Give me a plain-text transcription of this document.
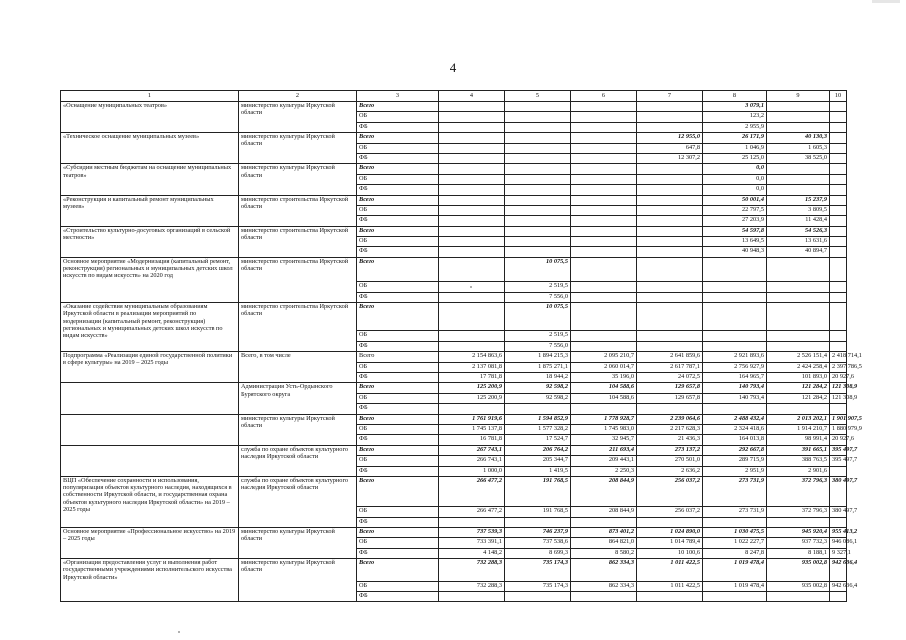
4
1	2	3	4	5	6	7	8	9	10
«Оснащение муниципальных театров»	министерство культуры Иркутской области	Всего					3 079,1		
		ОБ					123,2		
		ФБ					2 955,9		
«Техническое оснащение муниципальных музеев»	министерство культуры Иркутской области	Всего				12 955,0	26 171,9	40 130,3	
		ОБ				647,8	1 046,9	1 605,3	
		ФБ				12 307,2	25 125,0	38 525,0	
«Субсидии местным бюджетам на оснащение муниципальных театров»	министерство культуры Иркутской области	Всего					0,0		
		ОБ					0,0		
		ФБ					0,0		
«Реконструкция и капитальный ремонт муниципальных музеев»	министерство строительства Иркутской области	Всего					50 001,4	15 237,9	
		ОБ					22 797,5	3 809,5	
		ФБ					27 203,9	11 428,4	
«Строительство культурно-досуговых организаций в сельской местности»	министерство строительства Иркутской области	Всего					54 597,8	54 526,3	
		ОБ					13 649,5	13 631,6	
		ФБ					40 948,3	40 894,7	
Основное мероприятие «Модернизация (капитальный ремонт, реконструкция) региональных и муниципальных детских школ искусств по видам искусств» на 2020 год	министерство строительства Иркутской области	Всего		10 075,5					
		ОБ		2 519,5					
		ФБ		7 556,0					
«Оказание содействия муниципальным образованиям Иркутской области в реализации мероприятий по модернизации (капитальный ремонт, реконструкция) региональных и муниципальных детских школ искусств по видам искусств»	министерство строительства Иркутской области	Всего		10 075,5					
		ОБ		2 519,5					
		ФБ		7 556,0					
Подпрограмма «Реализация единой государственной политики в сфере культуры» на 2019 – 2025 годы	Всего, в том числе	Всего	2 154 863,6	1 894 215,3	2 095 210,7	2 641 859,6	2 921 893,6	2 526 151,4	2 418 714,1
		ОБ	2 137 081,8	1 875 271,1	2 060 014,7	2 617 787,1	2 756 927,9	2 424 258,4	2 397 786,5
		ФБ	17 781,8	18 944,2	35 196,0	24 072,5	164 965,7	101 893,0	20 927,6
	Администрация Усть-Ордынского Бурятского округа	Всего	125 200,9	92 598,2	104 588,6	129 657,8	140 793,4	121 284,2	121 308,9
		ОБ	125 200,9	92 598,2	104 588,6	129 657,8	140 793,4	121 284,2	121 308,9
		ФБ							
	министерство культуры Иркутской области	Всего	1 761 919,6	1 594 852,9	1 778 928,7	2 239 064,6	2 488 432,4	2 013 202,1	1 901 907,5
		ОБ	1 745 137,8	1 577 328,2	1 745 983,0	2 217 628,3	2 324 418,6	1 914 210,7	1 880 979,9
		ФБ	16 781,8	17 524,7	32 945,7	21 436,3	164 013,8	98 991,4	20 927,6
	служба по охране объектов культурного наследия Иркутской области	Всего	267 743,1	206 764,2	211 693,4	273 137,2	292 667,8	391 665,1	395 497,7
		ОБ	266 743,1	205 344,7	209 443,1	270 501,0	289 715,9	388 763,5	395 497,7
		ФБ	1 000,0	1 419,5	2 250,3	2 636,2	2 951,9	2 901,6	
ВЦП «Обеспечение сохранности и использования, популяризация объектов культурного наследия, находящихся в собственности Иркутской области, и государственная охрана объектов культурного наследия Иркутской области» на 2019 – 2025 годы	служба по охране объектов культурного наследия Иркутской области	Всего	266 477,2	191 768,5	208 844,9	256 037,2	273 731,9	372 796,3	380 497,7
		ОБ	266 477,2	191 768,5	208 844,9	256 037,2	273 731,9	372 796,3	380 497,7
		ФБ							
Основное мероприятие «Профессиональное искусство» на 2019 – 2025 годы	министерство культуры Иркутской области	Всего	737 539,3	746 237,9	873 401,2	1 024 890,0	1 030 475,5	945 920,4	955 413,2
		ОБ	733 391,1	737 538,6	864 821,0	1 014 789,4	1 022 227,7	937 732,3	946 086,1
		ФБ	4 148,2	8 699,3	8 580,2	10 100,6	8 247,8	8 188,1	9 327,1
«Организация предоставления услуг и выполнения работ государственными учреждениями исполнительского искусства Иркутской области»	министерство культуры Иркутской области	Всего	732 288,3	735 174,3	862 334,3	1 011 422,5	1 019 478,4	935 002,8	942 636,4
		ОБ	732 288,3	735 174,3	862 334,3	1 011 422,5	1 019 478,4	935 002,8	942 636,4
		ФБ							
